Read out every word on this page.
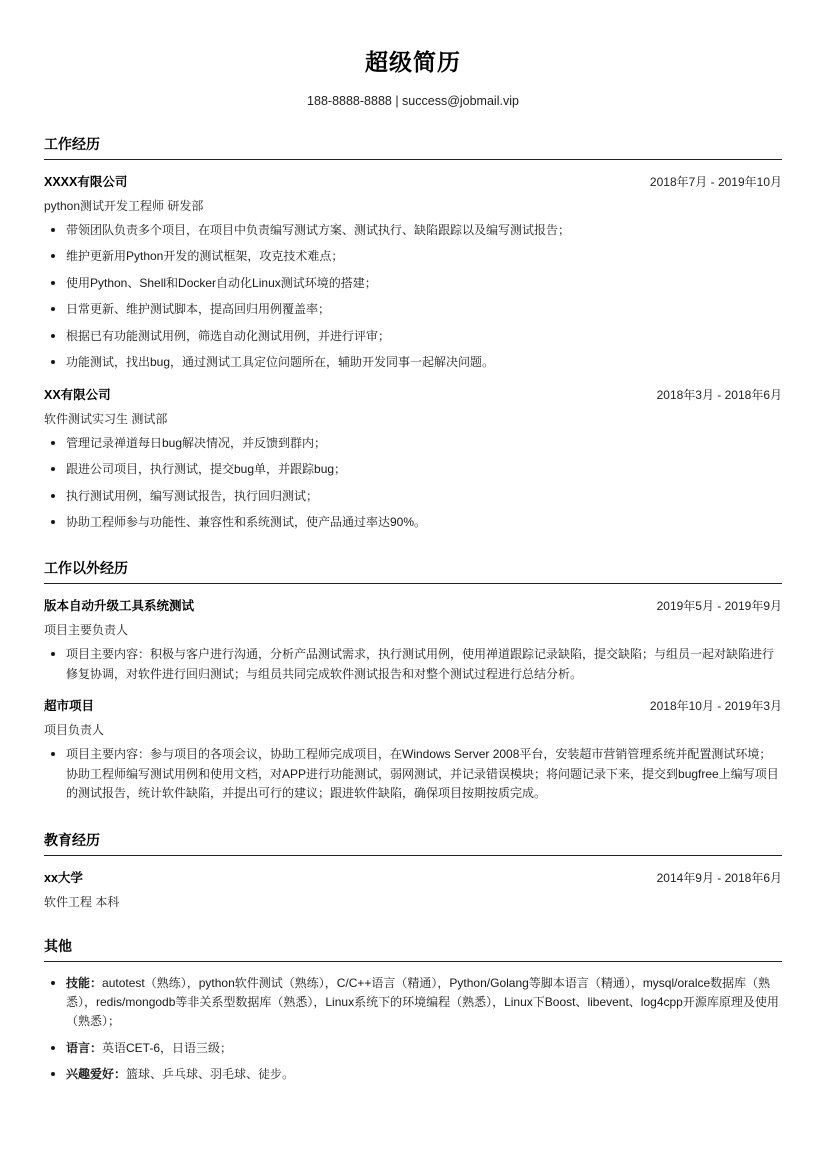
超级简历
188-8888-8888 | success@jobmail.vip
工作经历
XXXX有限公司	2018年7月 - 2019年10月
python测试开发工程师 研发部
带领团队负责多个项目，在项目中负责编写测试方案、测试执行、缺陷跟踪以及编写测试报告；
维护更新用Python开发的测试框架，攻克技术难点；
使用Python、Shell和Docker自动化Linux测试环境的搭建；
日常更新、维护测试脚本，提高回归用例覆盖率；
根据已有功能测试用例，筛选自动化测试用例，并进行评审；
功能测试，找出bug，通过测试工具定位问题所在，辅助开发同事一起解决问题。
XX有限公司	2018年3月 - 2018年6月
软件测试实习生 测试部
管理记录禅道每日bug解决情况，并反馈到群内；
跟进公司项目，执行测试，提交bug单，并跟踪bug；
执行测试用例，编写测试报告，执行回归测试；
协助工程师参与功能性、兼容性和系统测试，使产品通过率达90%。
工作以外经历
版本自动升级工具系统测试	2019年5月 - 2019年9月
项目主要负责人
项目主要内容：积极与客户进行沟通，分析产品测试需求，执行测试用例，使用禅道跟踪记录缺陷，提交缺陷；与组员一起对缺陷进行修复协调，对软件进行回归测试；与组员共同完成软件测试报告和对整个测试过程进行总结分析。
超市项目	2018年10月 - 2019年3月
项目负责人
项目主要内容：参与项目的各项会议，协助工程师完成项目，在Windows Server 2008平台，安装超市营销管理系统并配置测试环境；协助工程师编写测试用例和使用文档，对APP进行功能测试，弱网测试，并记录错误模块；将问题记录下来，提交到bugfree上编写项目的测试报告，统计软件缺陷，并提出可行的建议；跟进软件缺陷，确保项目按期按质完成。
教育经历
xx大学	2014年9月 - 2018年6月
软件工程 本科
其他
技能：autotest（熟练），python软件测试（熟练），C/C++语言（精通），Python/Golang等脚本语言（精通），mysql/oralce数据库（熟悉），redis/mongodb等非关系型数据库（熟悉），Linux系统下的环境编程（熟悉），Linux下Boost、libevent、log4cpp开源库原理及使用（熟悉）；
语言：英语CET-6，日语三级；
兴趣爱好：篮球、乒乓球、羽毛球、徒步。
